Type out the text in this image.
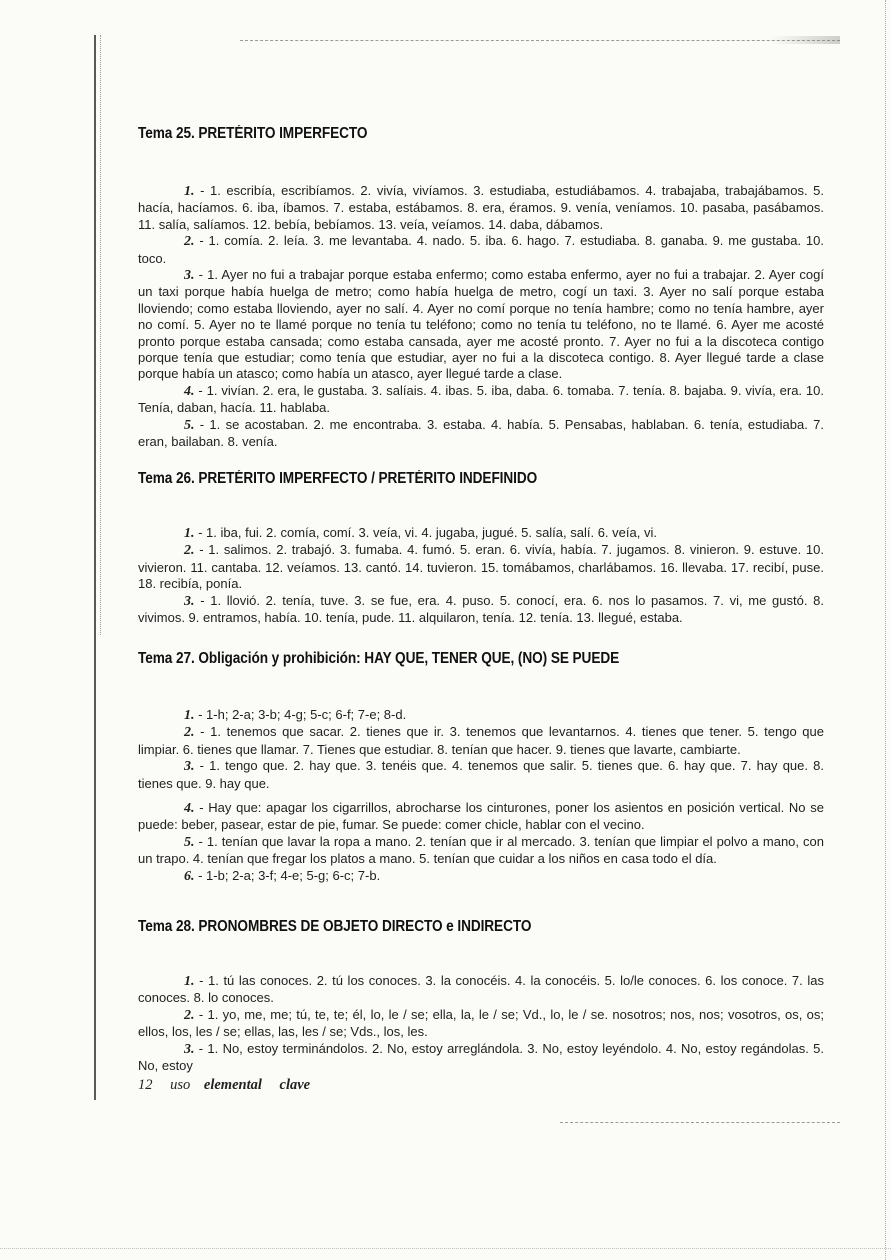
Tema 25. PRETÉRITO IMPERFECTO

1. - 1. escribía, escribíamos. 2. vivía, vivíamos. 3. estudiaba, estudiábamos. 4. trabajaba, trabajábamos. 5. hacía, hacíamos. 6. iba, íbamos. 7. estaba, estábamos. 8. era, éramos. 9. venía, veníamos. 10. pasaba, pasábamos. 11. salía, salíamos. 12. bebía, bebíamos. 13. veía, veíamos. 14. daba, dábamos.

2. - 1. comía. 2. leía. 3. me levantaba. 4. nado. 5. iba. 6. hago. 7. estudiaba. 8. ganaba. 9. me gustaba. 10. toco.

3. - 1. Ayer no fui a trabajar porque estaba enfermo; como estaba enfermo, ayer no fui a trabajar. 2. Ayer cogí un taxi porque había huelga de metro; como había huelga de metro, cogí un taxi. 3. Ayer no salí porque estaba lloviendo; como estaba lloviendo, ayer no salí. 4. Ayer no comí porque no tenía hambre; como no tenía hambre, ayer no comí. 5. Ayer no te llamé porque no tenía tu teléfono; como no tenía tu teléfono, no te llamé. 6. Ayer me acosté pronto porque estaba cansada; como estaba cansada, ayer me acosté pronto. 7. Ayer no fui a la discoteca contigo porque tenía que estudiar; como tenía que estudiar, ayer no fui a la discoteca contigo. 8. Ayer llegué tarde a clase porque había un atasco; como había un atasco, ayer llegué tarde a clase.

4. - 1. vivían. 2. era, le gustaba. 3. salíais. 4. ibas. 5. iba, daba. 6. tomaba. 7. tenía. 8. bajaba. 9. vivía, era. 10. Tenía, daban, hacía. 11. hablaba.

5. - 1. se acostaban. 2. me encontraba. 3. estaba. 4. había. 5. Pensabas, hablaban. 6. tenía, estudiaba. 7. eran, bailaban. 8. venía.

Tema 26. PRETÉRITO IMPERFECTO / PRETÉRITO INDEFINIDO

1. - 1. iba, fui. 2. comía, comí. 3. veía, vi. 4. jugaba, jugué. 5. salía, salí. 6. veía, vi.

2. - 1. salimos. 2. trabajó. 3. fumaba. 4. fumó. 5. eran. 6. vivía, había. 7. jugamos. 8. vinieron. 9. estuve. 10. vivieron. 11. cantaba. 12. veíamos. 13. cantó. 14. tuvieron. 15. tomábamos, charlábamos. 16. llevaba. 17. recibí, puse. 18. recibía, ponía.

3. - 1. llovió. 2. tenía, tuve. 3. se fue, era. 4. puso. 5. conocí, era. 6. nos lo pasamos. 7. vi, me gustó. 8. vivimos. 9. entramos, había. 10. tenía, pude. 11. alquilaron, tenía. 12. tenía. 13. llegué, estaba.

Tema 27. Obligación y prohibición: HAY QUE, TENER QUE, (NO) SE PUEDE

1. - 1-h; 2-a; 3-b; 4-g; 5-c; 6-f; 7-e; 8-d.

2. - 1. tenemos que sacar. 2. tienes que ir. 3. tenemos que levantarnos. 4. tienes que tener. 5. tengo que limpiar. 6. tienes que llamar. 7. Tienes que estudiar. 8. tenían que hacer. 9. tienes que lavarte, cambiarte.

3. - 1. tengo que. 2. hay que. 3. tenéis que. 4. tenemos que salir. 5. tienes que. 6. hay que. 7. hay que. 8. tienes que. 9. hay que.

4. - Hay que: apagar los cigarrillos, abrocharse los cinturones, poner los asientos en posición vertical. No se puede: beber, pasear, estar de pie, fumar. Se puede: comer chicle, hablar con el vecino.

5. - 1. tenían que lavar la ropa a mano. 2. tenían que ir al mercado. 3. tenían que limpiar el polvo a mano, con un trapo. 4. tenían que fregar los platos a mano. 5. tenían que cuidar a los niños en casa todo el día.

6. - 1-b; 2-a; 3-f; 4-e; 5-g; 6-c; 7-b.

Tema 28. PRONOMBRES DE OBJETO DIRECTO e INDIRECTO

1. - 1. tú las conoces. 2. tú los conoces. 3. la conocéis. 4. la conocéis. 5. lo/le conoces. 6. los conoce. 7. las conoces. 8. lo conoces.

2. - 1. yo, me, me; tú, te, te; él, lo, le / se; ella, la, le / se; Vd., lo, le / se. nosotros; nos, nos; vosotros, os, os; ellos, los, les / se; ellas, las, les / se; Vds., los, les.

3. - 1. No, estoy terminándolos. 2. No, estoy arreglándola. 3. No, estoy leyéndolo. 4. No, estoy regándolas. 5. No, estoy

12 uso elemental clave
